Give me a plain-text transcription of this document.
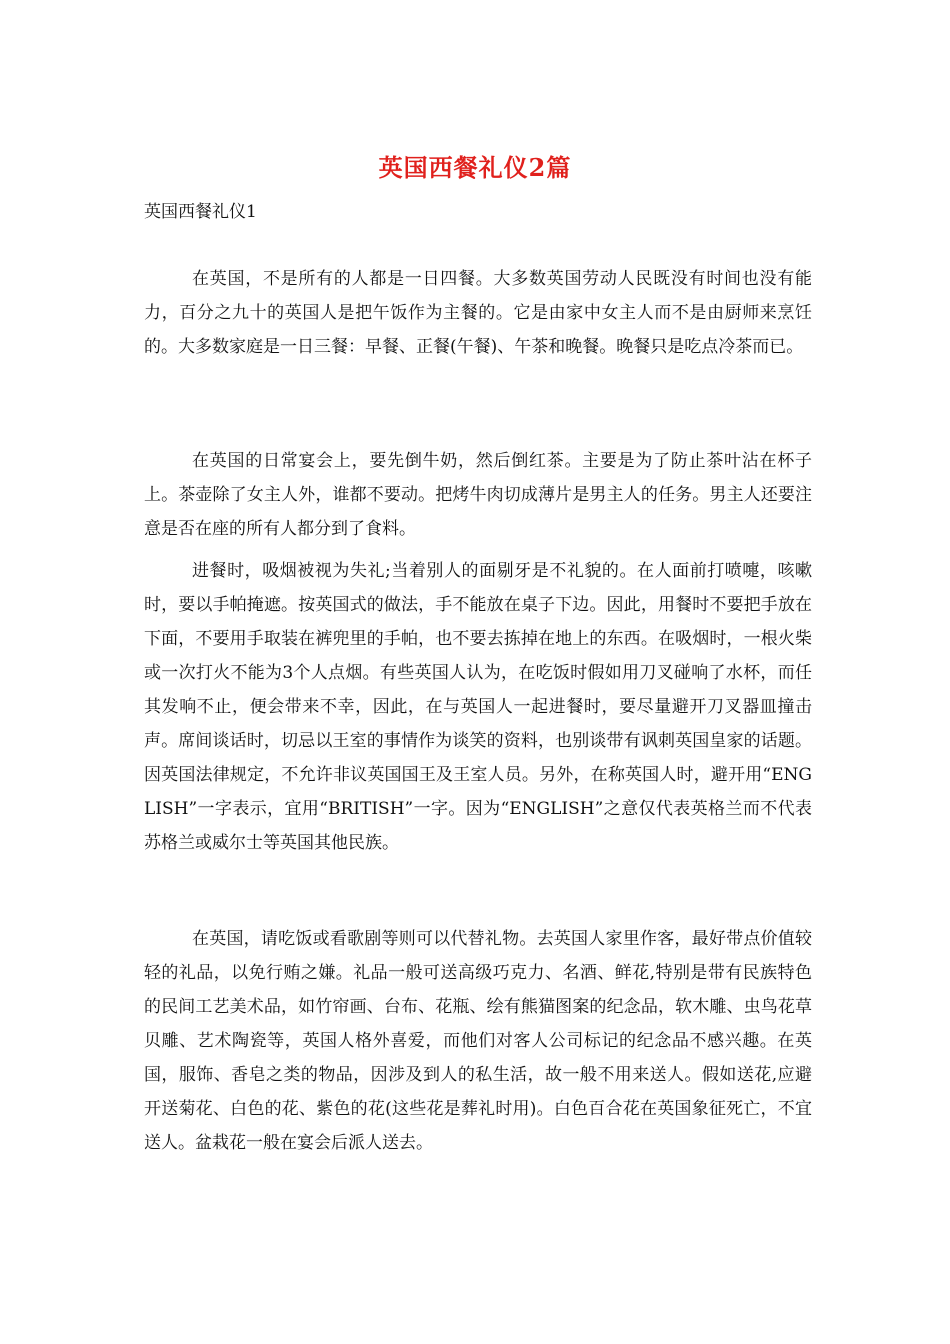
英国西餐礼仪2篇

英国西餐礼仪1

在英国，不是所有的人都是一日四餐。大多数英国劳动人民既没有时间也没有能力，百分之九十的英国人是把午饭作为主餐的。它是由家中女主人而不是由厨师来烹饪的。大多数家庭是一日三餐：早餐、正餐(午餐)、午茶和晚餐。晚餐只是吃点冷茶而已。

在英国的日常宴会上，要先倒牛奶，然后倒红茶。主要是为了防止茶叶沾在杯子上。茶壶除了女主人外，谁都不要动。把烤牛肉切成薄片是男主人的任务。男主人还要注意是否在座的所有人都分到了食料。

进餐时，吸烟被视为失礼;当着别人的面剔牙是不礼貌的。在人面前打喷嚏，咳嗽时，要以手帕掩遮。按英国式的做法，手不能放在桌子下边。因此，用餐时不要把手放在下面，不要用手取装在裤兜里的手帕，也不要去拣掉在地上的东西。在吸烟时，一根火柴或一次打火不能为3个人点烟。有些英国人认为，在吃饭时假如用刀叉碰响了水杯，而任其发响不止，便会带来不幸，因此，在与英国人一起进餐时，要尽量避开刀叉器皿撞击声。席间谈话时，切忌以王室的事情作为谈笑的资料，也别谈带有讽刺英国皇家的话题。因英国法律规定，不允许非议英国国王及王室人员。另外，在称英国人时，避开用“ENGLISH”一字表示，宜用“BRITISH”一字。因为“ENGLISH”之意仅代表英格兰而不代表苏格兰或威尔士等英国其他民族。

在英国，请吃饭或看歌剧等则可以代替礼物。去英国人家里作客，最好带点价值较轻的礼品，以免行贿之嫌。礼品一般可送高级巧克力、名酒、鲜花,特别是带有民族特色的民间工艺美术品，如竹帘画、台布、花瓶、绘有熊猫图案的纪念品，软木雕、虫鸟花草贝雕、艺术陶瓷等，英国人格外喜爱，而他们对客人公司标记的纪念品不感兴趣。在英国，服饰、香皂之类的物品，因涉及到人的私生活，故一般不用来送人。假如送花,应避开送菊花、白色的花、紫色的花(这些花是葬礼时用)。白色百合花在英国象征死亡，不宜送人。盆栽花一般在宴会后派人送去。
